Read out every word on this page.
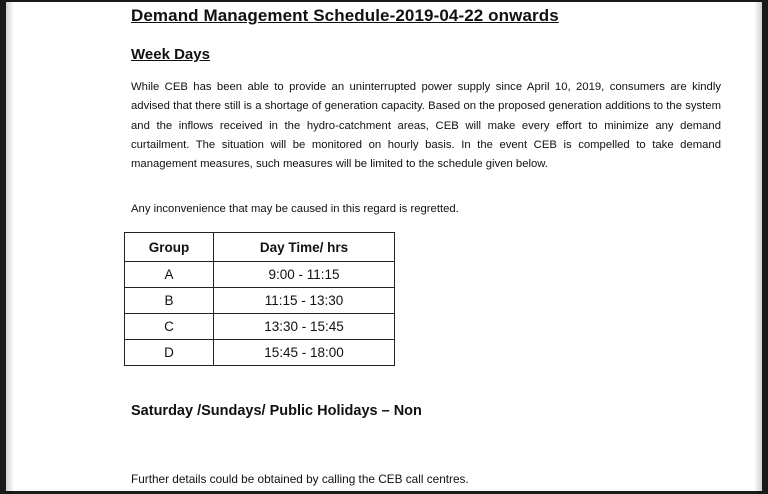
Demand Management Schedule-2019-04-22 onwards
Week Days

While CEB has been able to provide an uninterrupted power supply since April 10, 2019, consumers are kindly advised that there still is a shortage of generation capacity. Based on the proposed generation additions to the system and the inflows received in the hydro-catchment areas, CEB will make every effort to minimize any demand curtailment. The situation will be monitored on hourly basis. In the event CEB is compelled to take demand management measures, such measures will be limited to the schedule given below.

Any inconvenience that may be caused in this regard is regretted.

Group	Day Time/ hrs
A	9:00 - 11:15
B	11:15 - 13:30
C	13:30 - 15:45
D	15:45 - 18:00
Saturday /Sundays/ Public Holidays – Non
Further details could be obtained by calling the CEB call centres.
